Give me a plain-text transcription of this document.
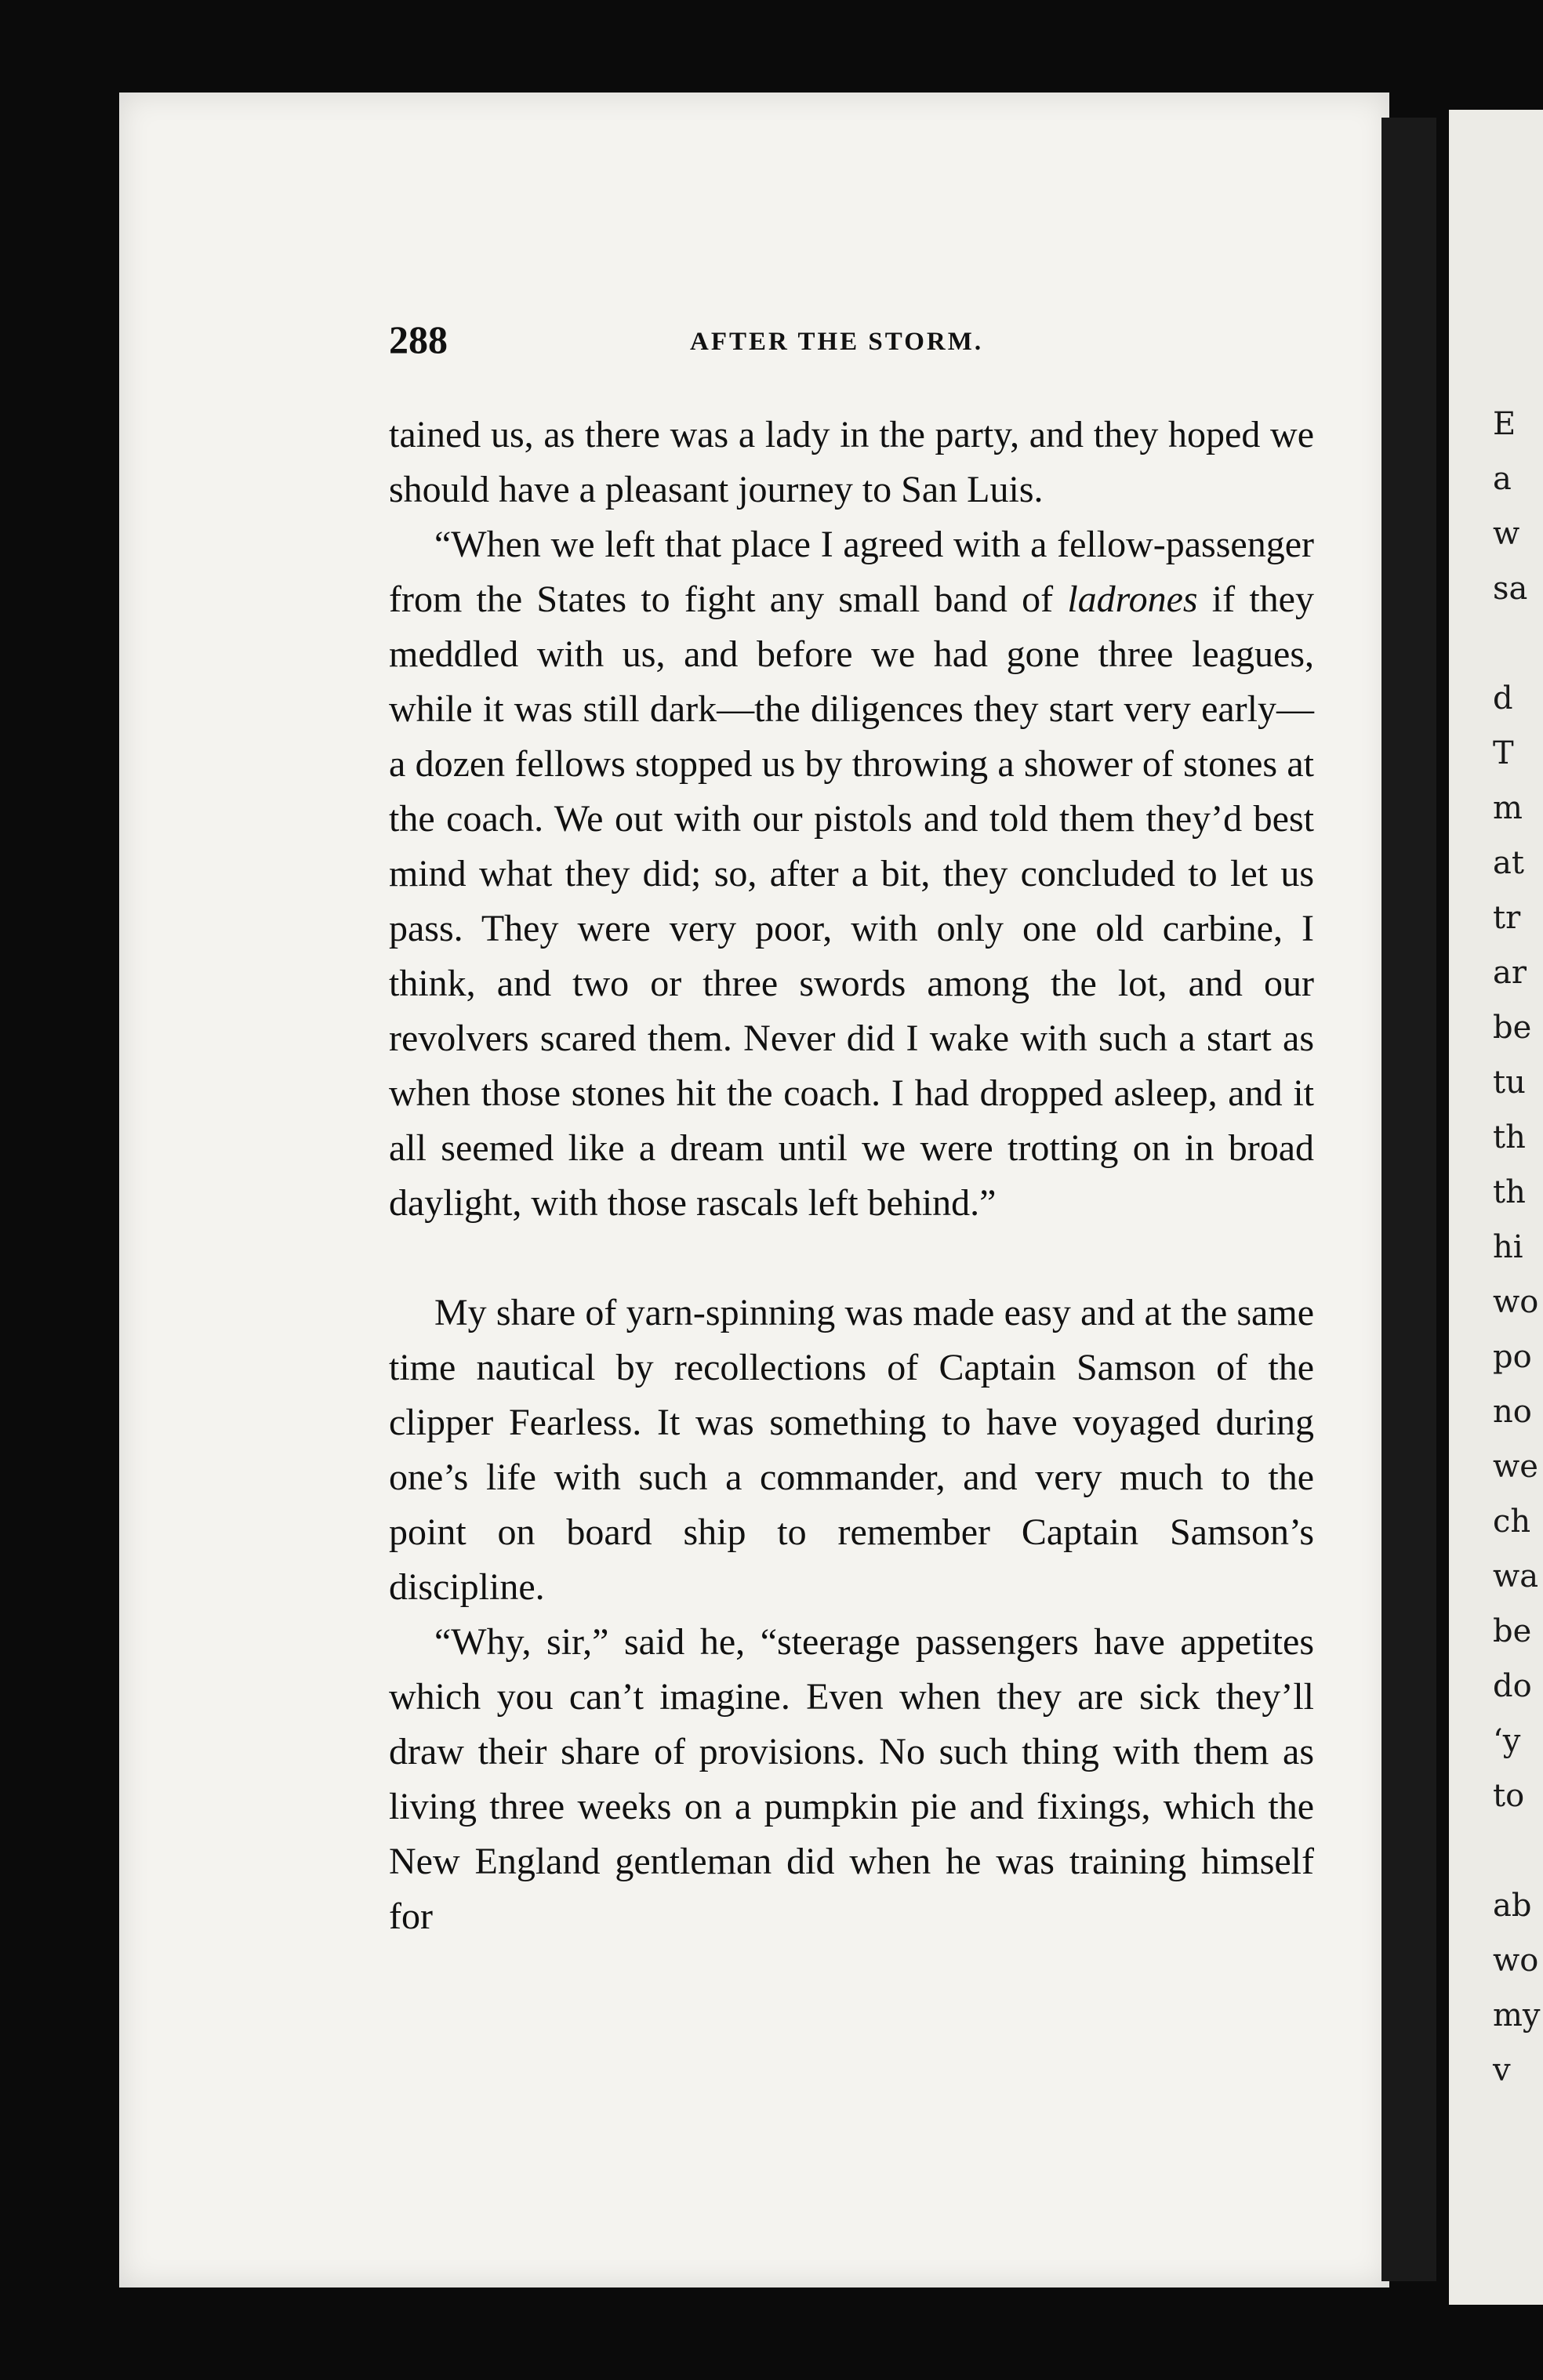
E
a
w
sa
d
T
m
at
tr
ar
be
tu
th
th
hi
wo
po
no
we
ch
wa
be
do
‘y
to
ab
wo
my
v
288	AFTER THE STORM.

tained us, as there was a lady in the party, and they hoped we should have a pleasant journey to San Luis.

“When we left that place I agreed with a fellow-passenger from the States to fight any small band of ladrones if they meddled with us, and before we had gone three leagues, while it was still dark—the diligences they start very early—a dozen fellows stopped us by throwing a shower of stones at the coach. We out with our pistols and told them they’d best mind what they did; so, after a bit, they concluded to let us pass. They were very poor, with only one old carbine, I think, and two or three swords among the lot, and our revolvers scared them. Never did I wake with such a start as when those stones hit the coach. I had dropped asleep, and it all seemed like a dream until we were trotting on in broad daylight, with those rascals left behind.”

My share of yarn-spinning was made easy and at the same time nautical by recollections of Captain Samson of the clipper Fearless. It was something to have voyaged during one’s life with such a commander, and very much to the point on board ship to remember Captain Samson’s discipline.

“Why, sir,” said he, “steerage passengers have appetites which you can’t imagine. Even when they are sick they’ll draw their share of provisions. No such thing with them as living three weeks on a pumpkin pie and fixings, which the New England gentleman did when he was training himself for
